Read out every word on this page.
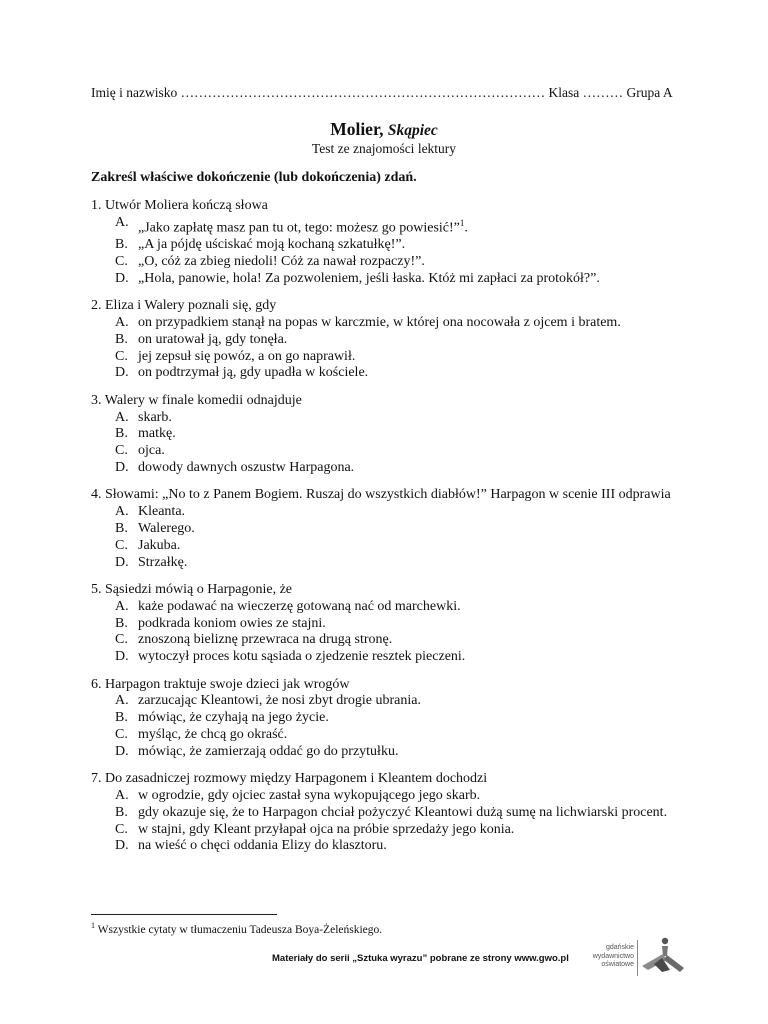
Imię i nazwisko ……………………………………………………………………… Klasa ……… Grupa A
Molier, Skąpiec
Test ze znajomości lektury
Zakreśl właściwe dokończenie (lub dokończenia) zdań.
1. Utwór Moliera kończą słowa
A. „Jako zapłatę masz pan tu ot, tego: możesz go powiesić!”$^1$.
B. „A ja pójdę uściskać moją kochaną szkatułkę!”.
C. „O, cóż za zbieg niedoli! Cóż za nawał rozpaczy!”.
D. „Hola, panowie, hola! Za pozwoleniem, jeśli łaska. Któż mi zapłaci za protokół?”.
2. Eliza i Walery poznali się, gdy
A. on przypadkiem stanął na popas w karczmie, w której ona nocowała z ojcem i bratem.
B. on uratował ją, gdy tonęła.
C. jej zepsuł się powóz, a on go naprawił.
D. on podtrzymał ją, gdy upadła w kościele.
3. Walery w finale komedii odnajduje
A. skarb.
B. matkę.
C. ojca.
D. dowody dawnych oszustw Harpagona.
4. Słowami: „No to z Panem Bogiem. Ruszaj do wszystkich diabłów!” Harpagon w scenie III odprawia
A. Kleanta.
B. Walerego.
C. Jakuba.
D. Strzałkę.
5. Sąsiedzi mówią o Harpagonie, że
A. każe podawać na wieczerzę gotowaną nać od marchewki.
B. podkrada koniom owies ze stajni.
C. znoszoną bieliznę przewraca na drugą stronę.
D. wytoczył proces kotu sąsiada o zjedzenie resztek pieczeni.
6. Harpagon traktuje swoje dzieci jak wrogów
A. zarzucając Kleantowi, że nosi zbyt drogie ubrania.
B. mówiąc, że czyhają na jego życie.
C. myśląc, że chcą go okraść.
D. mówiąc, że zamierzają oddać go do przytułku.
7. Do zasadniczej rozmowy między Harpagonem i Kleantem dochodzi
A. w ogrodzie, gdy ojciec zastał syna wykopującego jego skarb.
B. gdy okazuje się, że to Harpagon chciał pożyczyć Kleantowi dużą sumę na lichwiarski procent.
C. w stajni, gdy Kleant przyłapał ojca na próbie sprzedaży jego konia.
D. na wieść o chęci oddania Elizy do klasztoru.
$^1$ Wszystkie cytaty w tłumaczeniu Tadeusza Boya-Żeleńskiego.
Materiały do serii „Sztuka wyrazu” pobrane ze strony www.gwo.pl
gdańskie
wydawnictwo
oświatowe
